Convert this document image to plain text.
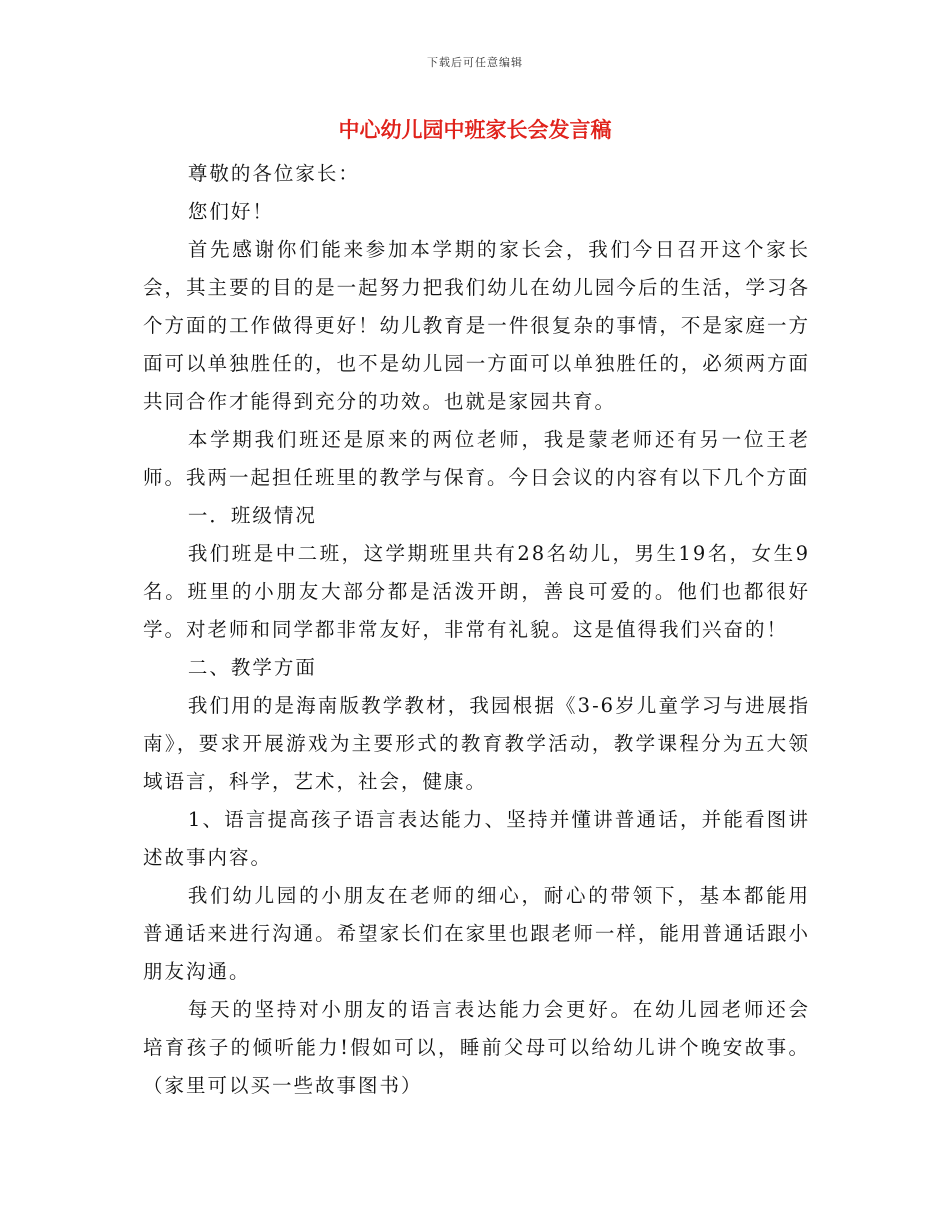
下载后可任意编辑
中心幼儿园中班家长会发言稿

尊敬的各位家长：

您们好！

首先感谢你们能来参加本学期的家长会，我们今日召开这个家长会，其主要的目的是一起努力把我们幼儿在幼儿园今后的生活，学习各个方面的工作做得更好！幼儿教育是一件很复杂的事情，不是家庭一方面可以单独胜任的，也不是幼儿园一方面可以单独胜任的，必须两方面共同合作才能得到充分的功效。也就是家园共育。

本学期我们班还是原来的两位老师，我是蒙老师还有另一位王老师。我两一起担任班里的教学与保育。今日会议的内容有以下几个方面

一．班级情况

我们班是中二班，这学期班里共有28名幼儿，男生19名，女生9名。班里的小朋友大部分都是活泼开朗，善良可爱的。他们也都很好学。对老师和同学都非常友好，非常有礼貌。这是值得我们兴奋的！

二、教学方面

我们用的是海南版教学教材，我园根据《3-6岁儿童学习与进展指南》，要求开展游戏为主要形式的教育教学活动，教学课程分为五大领域语言，科学，艺术，社会，健康。

1、语言提高孩子语言表达能力、坚持并懂讲普通话，并能看图讲述故事内容。

我们幼儿园的小朋友在老师的细心，耐心的带领下，基本都能用普通话来进行沟通。希望家长们在家里也跟老师一样，能用普通话跟小朋友沟通。

每天的坚持对小朋友的语言表达能力会更好。在幼儿园老师还会培育孩子的倾听能力!假如可以，睡前父母可以给幼儿讲个晚安故事。（家里可以买一些故事图书）
